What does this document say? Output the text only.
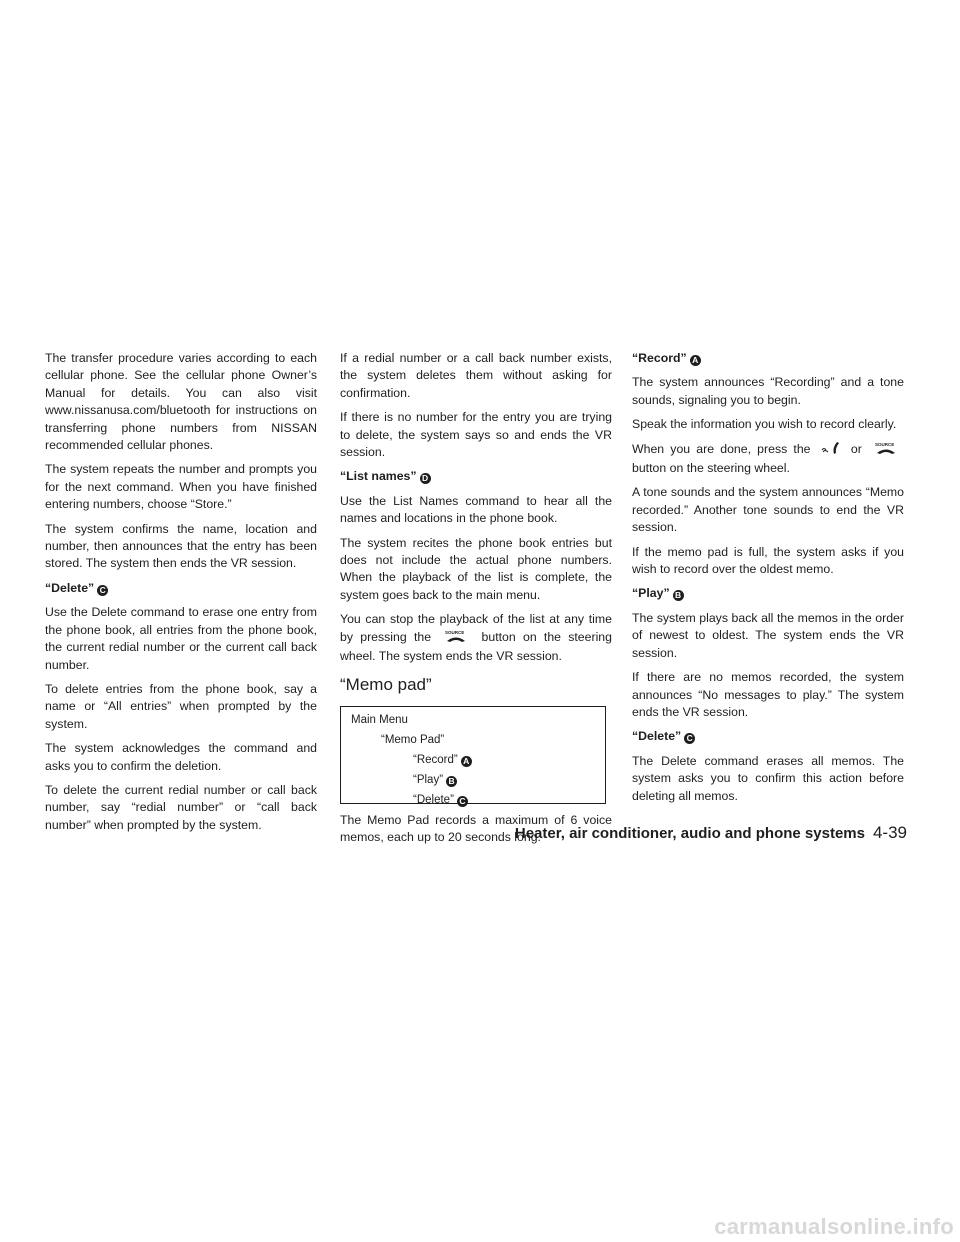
The transfer procedure varies according to each cellular phone. See the cellular phone Owner’s Manual for details. You can also visit www.nissanusa.com/bluetooth for instructions on transferring phone numbers from NISSAN recommended cellular phones.

The system repeats the number and prompts you for the next command. When you have finished entering numbers, choose “Store.”

The system confirms the name, location and number, then announces that the entry has been stored. The system then ends the VR session.

“Delete” C

Use the Delete command to erase one entry from the phone book, all entries from the phone book, the current redial number or the current call back number.

To delete entries from the phone book, say a name or “All entries” when prompted by the system.

The system acknowledges the command and asks you to confirm the deletion.

To delete the current redial number or call back number, say “redial number” or “call back number” when prompted by the system.

If a redial number or a call back number exists, the system deletes them without asking for confirmation.

If there is no number for the entry you are trying to delete, the system says so and ends the VR session.

“List names” D

Use the List Names command to hear all the names and locations in the phone book.

The system recites the phone book entries but does not include the actual phone numbers. When the playback of the list is complete, the system goes back to the main menu.

You can stop the playback of the list at any time by pressing the	SOURCE button on the steering wheel. The system ends the VR session.

“Memo pad”
Main Menu
“Memo Pad”
“Record” A
“Play” B
“Delete” C

The Memo Pad records a maximum of 6 voice memos, each up to 20 seconds long.

“Record” A

The system announces “Recording” and a tone sounds, signaling you to begin.

Speak the information you wish to record clearly.

When you are done, press the	or	SOURCE
button on the steering wheel.

A tone sounds and the system announces “Memo recorded.” Another tone sounds to end the VR session.

If the memo pad is full, the system asks if you wish to record over the oldest memo.

“Play” B

The system plays back all the memos in the order of newest to oldest. The system ends the VR session.

If there are no memos recorded, the system announces “No messages to play.” The system ends the VR session.

“Delete” C

The Delete command erases all memos. The system asks you to confirm this action before deleting all memos.

Heater, air conditioner, audio and phone systems 4-39
carmanualsonline.info
